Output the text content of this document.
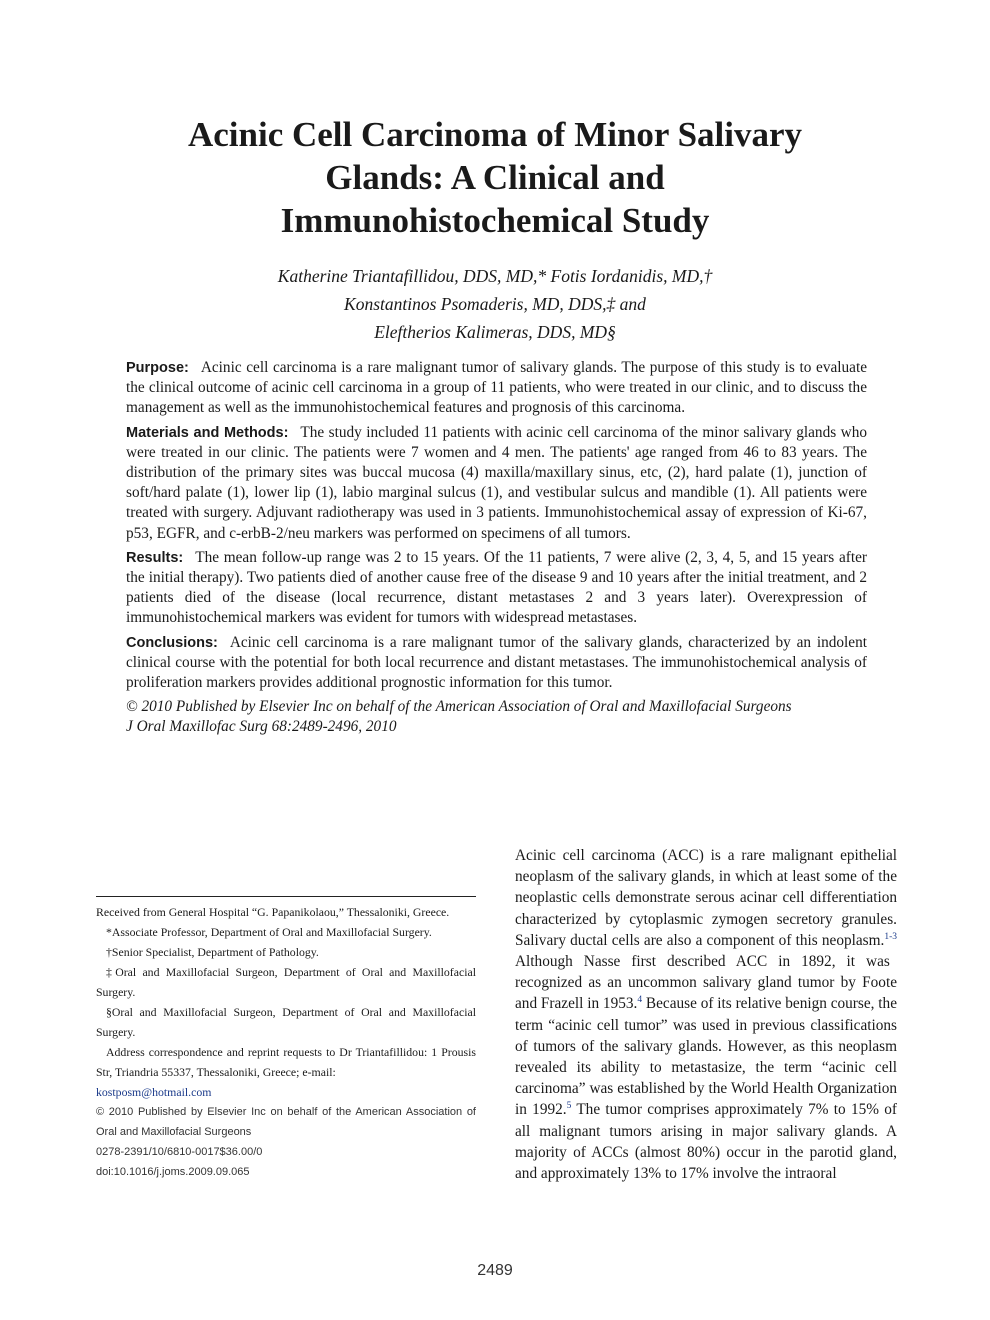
Acinic Cell Carcinoma of Minor Salivary
Glands: A Clinical and
Immunohistochemical Study
Katherine Triantafillidou, DDS, MD,* Fotis Iordanidis, MD,†
Konstantinos Psomaderis, MD, DDS,‡ and
Eleftherios Kalimeras, DDS, MD§

Purpose: Acinic cell carcinoma is a rare malignant tumor of salivary glands. The purpose of this study is to evaluate the clinical outcome of acinic cell carcinoma in a group of 11 patients, who were treated in our clinic, and to discuss the management as well as the immunohistochemical features and prognosis of this carcinoma.

Materials and Methods: The study included 11 patients with acinic cell carcinoma of the minor salivary glands who were treated in our clinic. The patients were 7 women and 4 men. The patients' age ranged from 46 to 83 years. The distribution of the primary sites was buccal mucosa (4) maxilla/maxillary sinus, etc, (2), hard palate (1), junction of soft/hard palate (1), lower lip (1), labio marginal sulcus (1), and vestibular sulcus and mandible (1). All patients were treated with surgery. Adjuvant radiotherapy was used in 3 patients. Immunohistochemical assay of expression of Ki-67, p53, EGFR, and c-erbB-2/neu markers was performed on specimens of all tumors.

Results: The mean follow-up range was 2 to 15 years. Of the 11 patients, 7 were alive (2, 3, 4, 5, and 15 years after the initial therapy). Two patients died of another cause free of the disease 9 and 10 years after the initial treatment, and 2 patients died of the disease (local recurrence, distant metastases 2 and 3 years later). Overexpression of immunohistochemical markers was evident for tumors with widespread metastases.

Conclusions: Acinic cell carcinoma is a rare malignant tumor of the salivary glands, characterized by an indolent clinical course with the potential for both local recurrence and distant metastases. The immunohistochemical analysis of proliferation markers provides additional prognostic information for this tumor.

© 2010 Published by Elsevier Inc on behalf of the American Association of Oral and Maxillofacial Surgeons

J Oral Maxillofac Surg 68:2489-2496, 2010

Received from General Hospital “G. Papanikolaou,” Thessaloniki, Greece.

*Associate Professor, Department of Oral and Maxillofacial Surgery.

†Senior Specialist, Department of Pathology.

‡Oral and Maxillofacial Surgeon, Department of Oral and Maxillofacial Surgery.

§Oral and Maxillofacial Surgeon, Department of Oral and Maxillofacial Surgery.

Address correspondence and reprint requests to Dr Triantafillidou: 1 Prousis Str, Triandria 55337, Thessaloniki, Greece; e-mail:

kostposm@hotmail.com

© 2010 Published by Elsevier Inc on behalf of the American Association of Oral and Maxillofacial Surgeons

0278-2391/10/6810-0017$36.00/0

doi:10.1016/j.joms.2009.09.065

Acinic cell carcinoma (ACC) is a rare malignant epithelial neoplasm of the salivary glands, in which at least some of the neoplastic cells demonstrate serous acinar cell differentiation characterized by cytoplasmic zymogen secretory granules. Salivary ductal cells are also a component of this neoplasm.$^{1-3}$ Although Nasse first described ACC in 1892, it was recognized as an uncommon salivary gland tumor by Foote and Frazell in 1953.$^4$ Because of its relative benign course, the term “acinic cell tumor” was used in previous classifications of tumors of the salivary glands. However, as this neoplasm revealed its ability to metastasize, the term “acinic cell carcinoma” was established by the World Health Organization in 1992.$^5$ The tumor comprises approximately 7% to 15% of all malignant tumors arising in major salivary glands. A majority of ACCs (almost 80%) occur in the parotid gland, and approximately 13% to 17% involve the intraoral

2489
